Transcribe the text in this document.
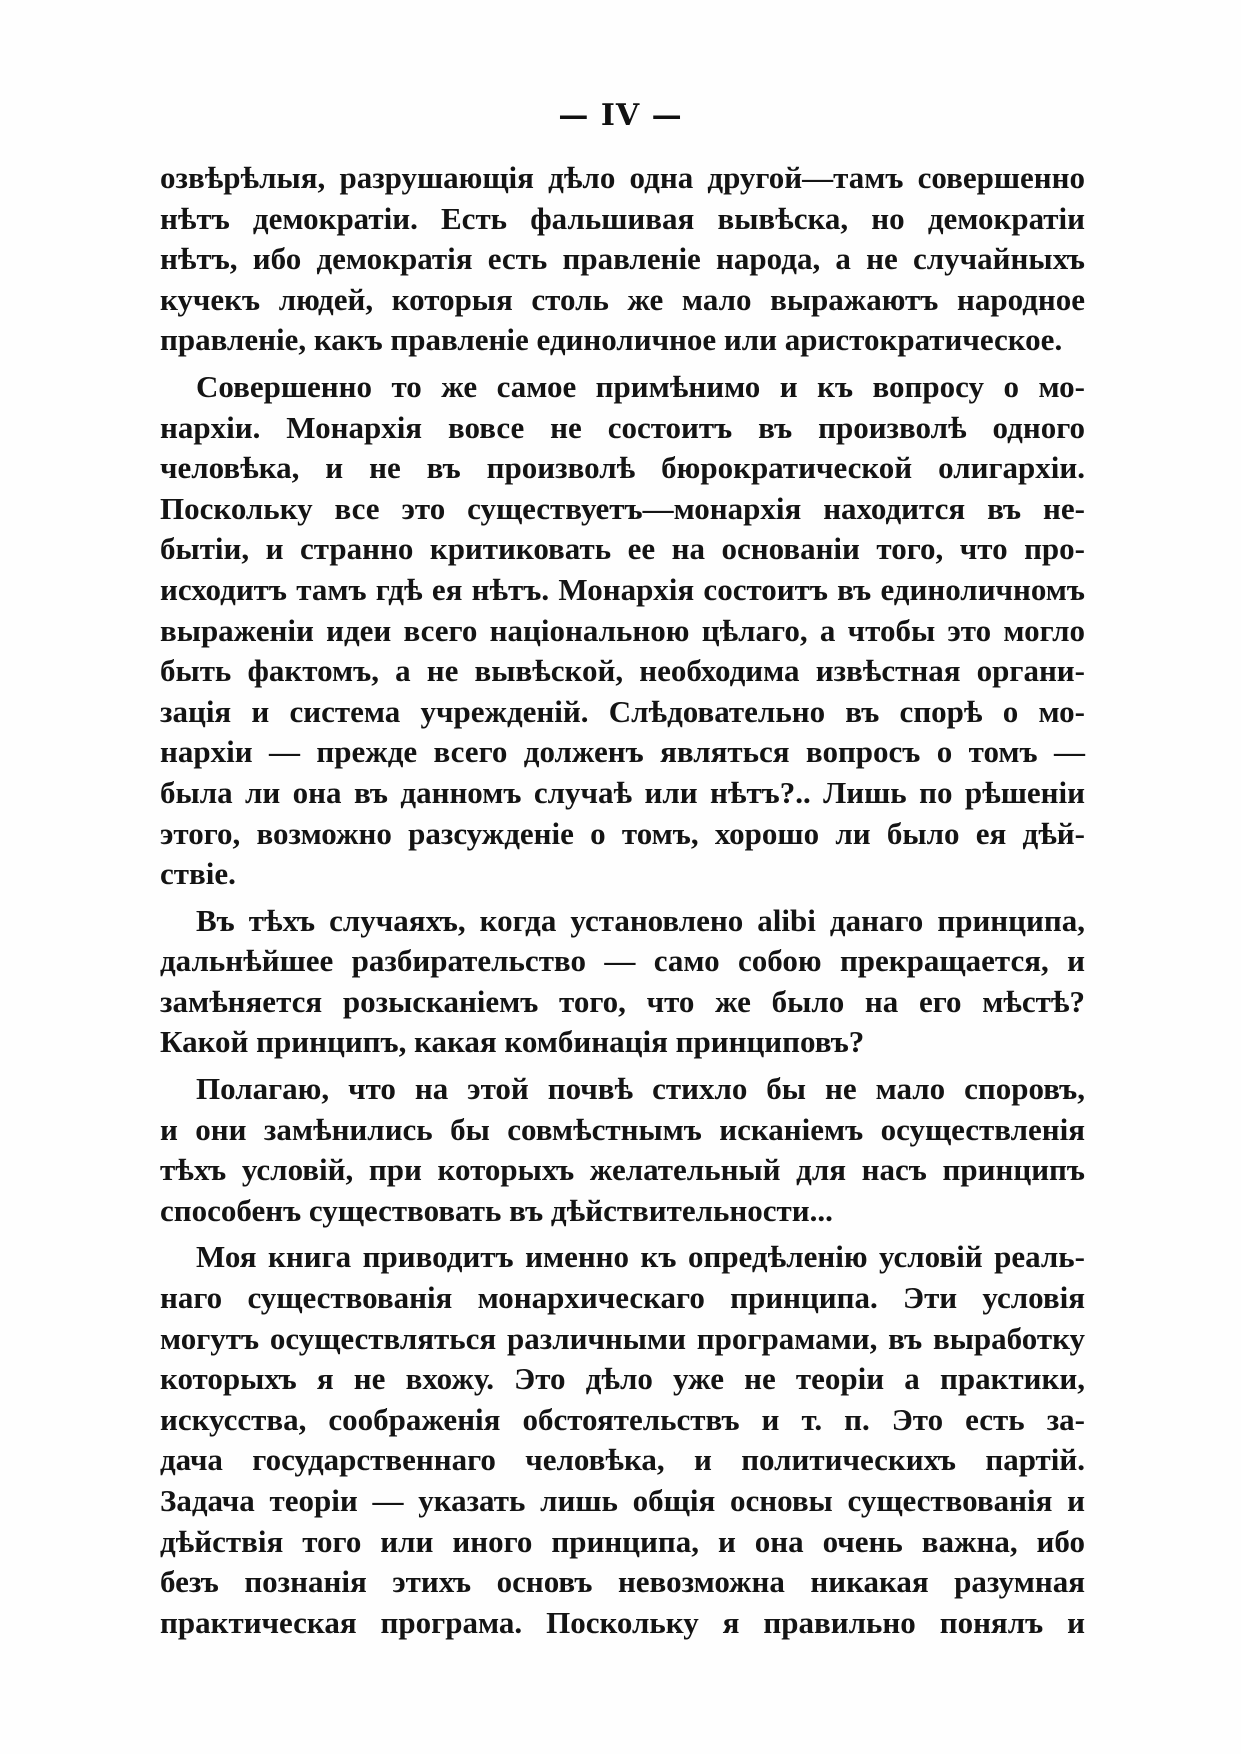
— IV —
озвѣрѣлыя, разрушающія дѣло одна другой—тамъ совершенно
нѣтъ демократіи. Есть фальшивая вывѣска, но демократіи
нѣтъ, ибо демократія есть правленіе народа, а не случайныхъ
кучекъ людей, которыя столь же мало выражаютъ народное
правленіе, какъ правленіе единоличное или аристократическое.
Совершенно то же самое примѣнимо и къ вопросу о мо-
нархіи. Монархія вовсе не состоитъ въ произволѣ одного
человѣка, и не въ произволѣ бюрократической олигархіи.
Поскольку все это существуетъ—монархія находится въ не-
бытіи, и странно критиковать ее на основаніи того, что про-
исходитъ тамъ гдѣ ея нѣтъ. Монархія состоитъ въ единоличномъ
выраженіи идеи всего національною цѣлаго, а чтобы это могло
быть фактомъ, а не вывѣской, необходима извѣстная органи-
зація и система учрежденій. Слѣдовательно въ спорѣ о мо-
нархіи — прежде всего долженъ являться вопросъ о томъ —
была ли она въ данномъ случаѣ или нѣтъ?.. Лишь по рѣшеніи
этого, возможно разсужденіе о томъ, хорошо ли было ея дѣй-
ствіе.
Въ тѣхъ случаяхъ, когда установлено alibi данаго принципа,
дальнѣйшее разбирательство — само собою прекращается, и
замѣняется розысканіемъ того, что же было на его мѣстѣ?
Какой принципъ, какая комбинація принциповъ?
Полагаю, что на этой почвѣ стихло бы не мало споровъ,
и они замѣнились бы совмѣстнымъ исканіемъ осуществленія
тѣхъ условій, при которыхъ желательный для насъ принципъ
способенъ существовать въ дѣйствительности...
Моя книга приводитъ именно къ опредѣленію условій реаль-
наго существованія монархическаго принципа. Эти условія
могутъ осуществляться различными програмами, въ выработку
которыхъ я не вхожу. Это дѣло уже не теоріи а практики,
искусства, соображенія обстоятельствъ и т. п. Это есть за-
дача государственнаго человѣка, и политическихъ партій.
Задача теоріи — указать лишь общія основы существованія и
дѣйствія того или иного принципа, и она очень важна, ибо
безъ познанія этихъ основъ невозможна никакая разумная
практическая програма. Поскольку я правильно понялъ и
